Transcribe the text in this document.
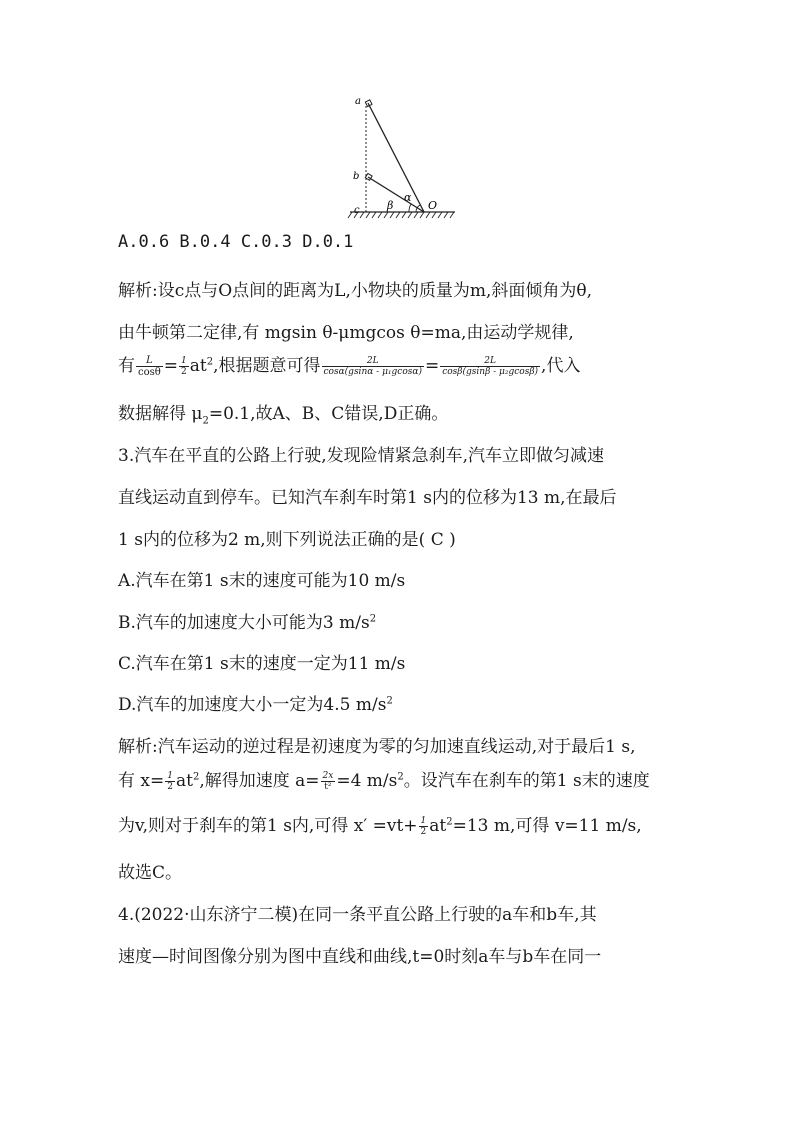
a
b
c	O
α
β
A.0.6 B.0.4 C.0.3 D.0.1
解析:设c点与O点间的距离为L,小物块的质量为m,斜面倾角为θ,
由牛顿第二定律,有 mgsin θ-μmgcos θ=ma,由运动学规律,
有 $\frac{L}{\cos\theta} = \frac{1}{2} at^2$,根据题意可得 $\frac{2L}{\text{cosα(gsinα - μ₁gcosα)}} = \frac{2L}{\text{cosβ(gsinβ - μ₂gcosβ)}}$ ,代入
数据解得 $\mu_2=0.1$,故A、B、C错误,D正确。
3.汽车在平直的公路上行驶,发现险情紧急刹车,汽车立即做匀减速
直线运动直到停车。已知汽车刹车时第1 s内的位移为13 m,在最后
1 s内的位移为2 m,则下列说法正确的是( C )
A.汽车在第1 s末的速度可能为10 m/s
B.汽车的加速度大小可能为3 $m/s^2$
C.汽车在第1 s末的速度一定为11 m/s
D.汽车的加速度大小一定为4.5 $m/s^2$
解析:汽车运动的逆过程是初速度为零的匀加速直线运动,对于最后1 s,
有 $x= \frac{1}{2} at^2$,解得加速度 $a= \frac{2x}{\text{t²}} =4$ $m/s^2$。设汽车在刹车的第1 s末的速度
为v,则对于刹车的第1 s内,可得 $x' =vt+ \frac{1}{2} at^2=13$ m,可得 v=11 m/s,
故选C。
4.(2022·山东济宁二模)在同一条平直公路上行驶的a车和b车,其
速度—时间图像分别为图中直线和曲线,t=0时刻a车与b车在同一
